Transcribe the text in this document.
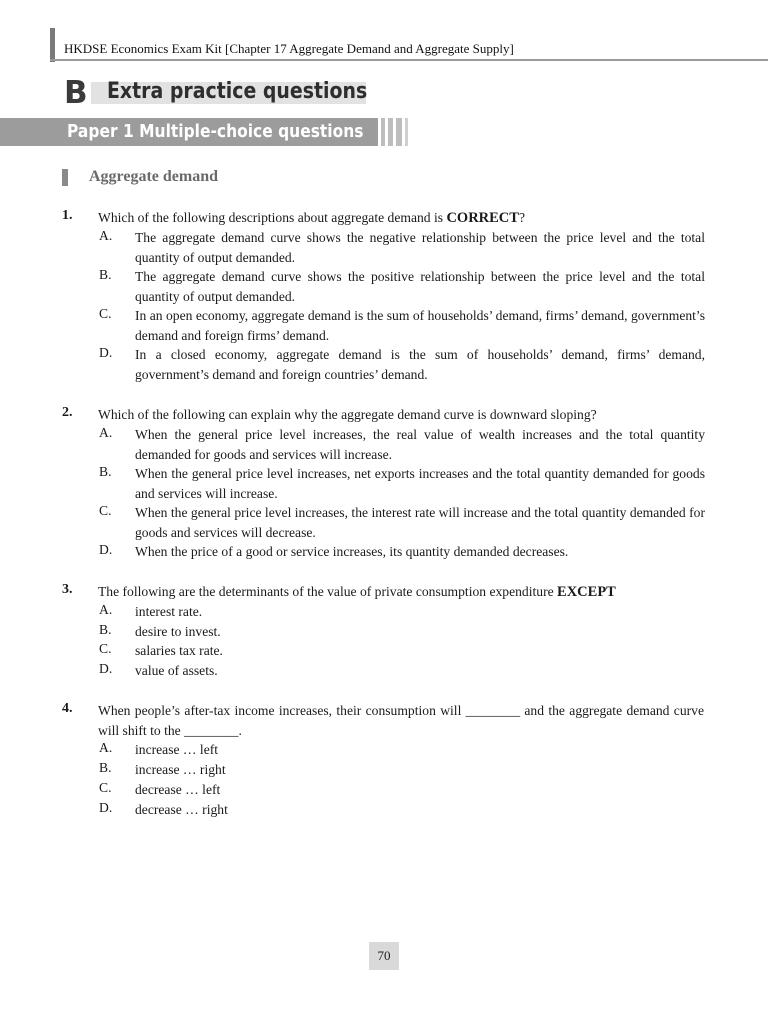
HKDSE Economics Exam Kit [Chapter 17 Aggregate Demand and Aggregate Supply]
B Extra practice questions
Paper 1 Multiple-choice questions
Aggregate demand
1. Which of the following descriptions about aggregate demand is CORRECT?
A. The aggregate demand curve shows the negative relationship between the price level and the total quantity of output demanded.
B. The aggregate demand curve shows the positive relationship between the price level and the total quantity of output demanded.
C. In an open economy, aggregate demand is the sum of households’ demand, firms’ demand, government’s demand and foreign firms’ demand.
D. In a closed economy, aggregate demand is the sum of households’ demand, firms’ demand, government’s demand and foreign countries’ demand.
2. Which of the following can explain why the aggregate demand curve is downward sloping?
A. When the general price level increases, the real value of wealth increases and the total quantity demanded for goods and services will increase.
B. When the general price level increases, net exports increases and the total quantity demanded for goods and services will increase.
C. When the general price level increases, the interest rate will increase and the total quantity demanded for goods and services will decrease.
D. When the price of a good or service increases, its quantity demanded decreases.
3. The following are the determinants of the value of private consumption expenditure EXCEPT
A. interest rate.
B. desire to invest.
C. salaries tax rate.
D. value of assets.
4. When people’s after-tax income increases, their consumption will ________ and the aggregate demand curve will shift to the ________.
A. increase … left
B. increase … right
C. decrease … left
D. decrease … right
70
